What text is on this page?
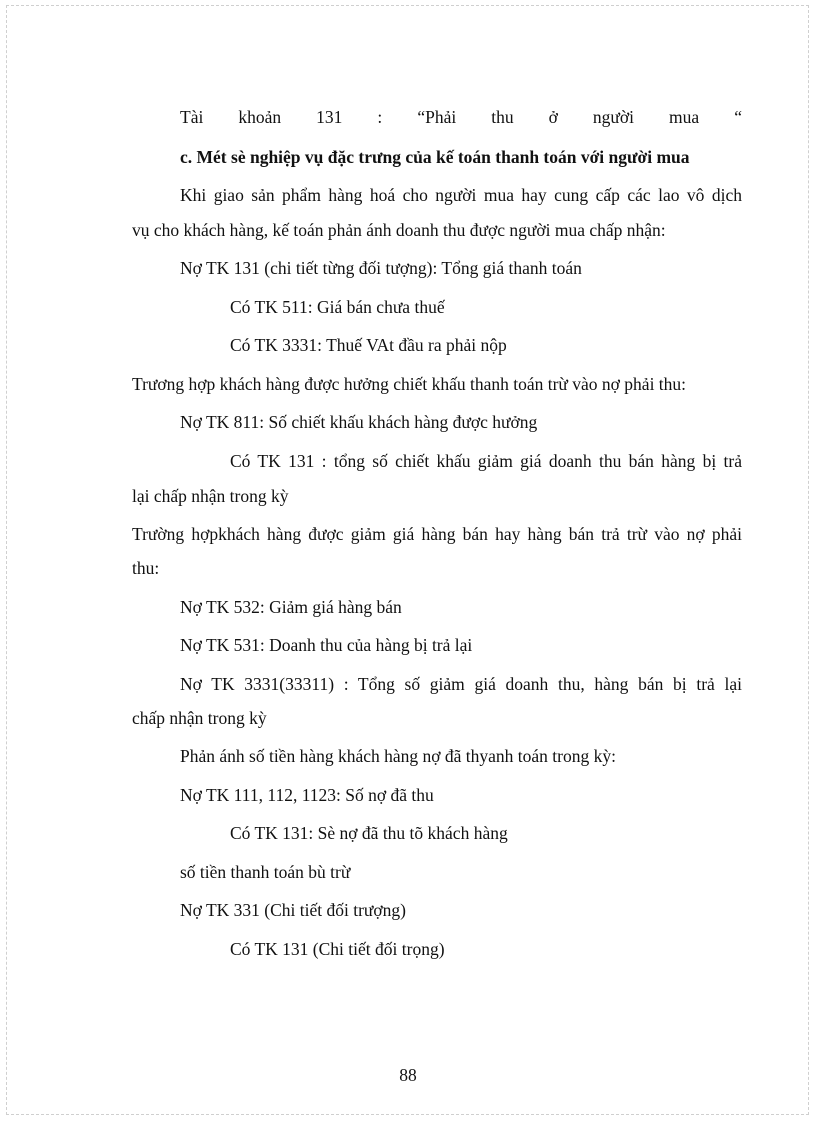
Tài khoản 131 : “Phải thu ở người mua “
c. Mét sè nghiệp vụ đặc trưng của kế toán thanh toán với người mua
Khi giao sản phẩm hàng hoá cho người mua hay cung cấp các lao vô dịch
vụ cho khách hàng, kế toán phản ánh doanh thu được người mua chấp nhận:
Nợ TK 131 (chi tiết từng đối tượng): Tổng giá thanh toán
Có TK 511: Giá bán chưa thuế
Có TK 3331: Thuế VAt đầu ra phải nộp
Trương hợp khách hàng được hưởng chiết khấu thanh toán trừ vào nợ phải thu:
Nợ TK 811: Số chiết khấu khách hàng được hưởng
Có TK 131 : tổng số chiết khấu giảm giá doanh thu bán hàng bị trả
lại chấp nhận trong kỳ
Trường hợpkhách hàng được giảm giá hàng bán hay hàng bán trả trừ vào nợ phải
thu:
Nợ TK 532: Giảm giá hàng bán
Nợ TK 531: Doanh thu của hàng bị trả lại
Nợ TK 3331(33311) : Tổng số giảm giá doanh thu, hàng bán bị trả lại
chấp nhận trong kỳ
Phản ánh số tiền hàng khách hàng nợ đã thyanh toán trong kỳ:
Nợ TK 111, 112, 1123: Số nợ đã thu
Có TK 131: Sè nợ đã thu tõ khách hàng
số tiền thanh toán bù trừ
Nợ TK 331 (Chi tiết đối trượng)
Có TK 131 (Chi tiết đối trọng)
88
